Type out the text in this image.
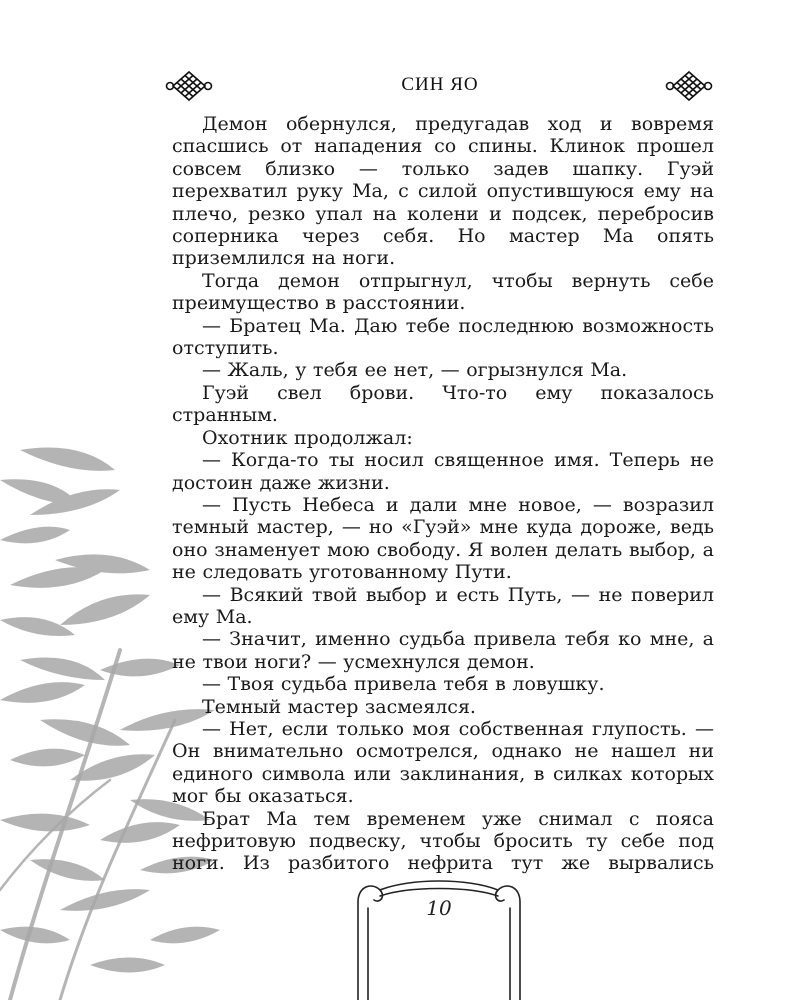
СИН ЯО

Демон обернулся, предугадав ход и вовремя спасшись от нападения со спины. Клинок прошел совсем близко — только задев шапку. Гуэй перехватил руку Ма, с силой опустившуюся ему на плечо, резко упал на колени и подсек, перебросив соперника через себя. Но мастер Ма опять приземлился на ноги.

Тогда демон отпрыгнул, чтобы вернуть себе преимущество в расстоянии.

— Братец Ма. Даю тебе последнюю возможность отступить.

— Жаль, у тебя ее нет, — огрызнулся Ма.

Гуэй свел брови. Что-то ему показалось странным.

Охотник продолжал:

— Когда-то ты носил священное имя. Теперь не достоин даже жизни.

— Пусть Небеса и дали мне новое, — возразил темный мастер, — но «Гуэй» мне куда дороже, ведь оно знаменует мою свободу. Я волен делать выбор, а не следовать уготованному Пути.

— Всякий твой выбор и есть Путь, — не поверил ему Ма.

— Значит, именно судьба привела тебя ко мне, а не твои ноги? — усмехнулся демон.

— Твоя судьба привела тебя в ловушку.

Темный мастер засмеялся.

— Нет, если только моя собственная глупость. — Он внимательно осмотрелся, однако не нашел ни единого символа или заклинания, в силках которых мог бы оказаться.

Брат Ма тем временем уже снимал с пояса нефритовую подвеску, чтобы бросить ту себе под ноги. Из разбитого нефрита тут же вырвались

10
